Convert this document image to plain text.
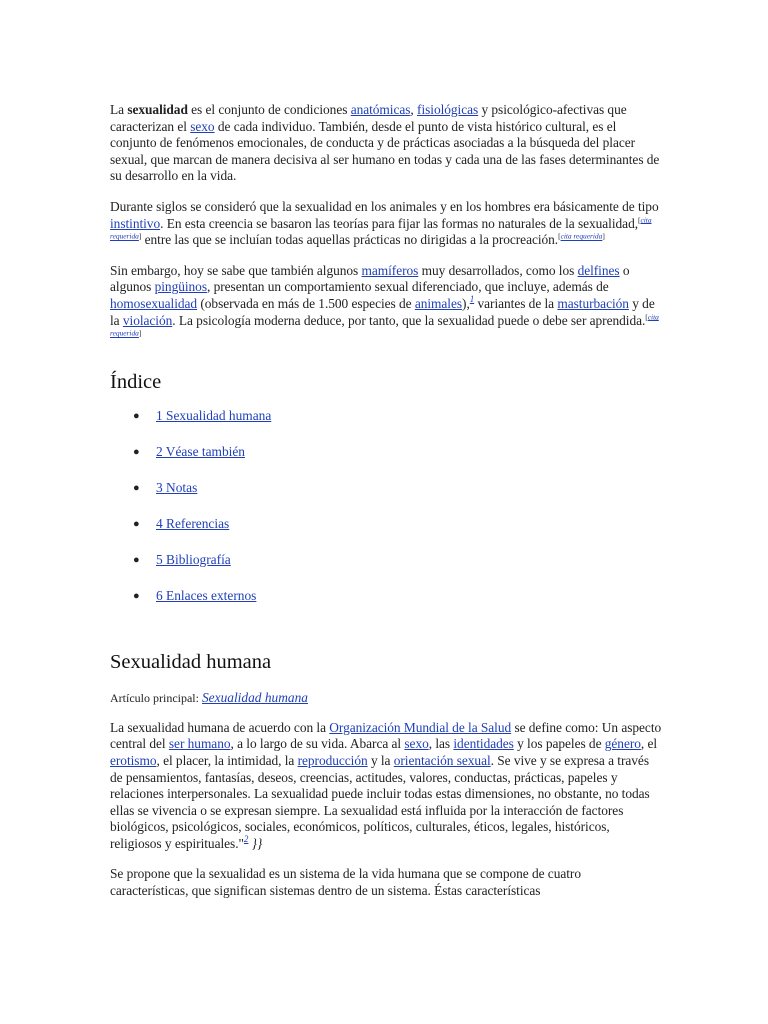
La sexualidad es el conjunto de condiciones anatómicas, fisiológicas y psicológico-afectivas que caracterizan el sexo de cada individuo. También, desde el punto de vista histórico cultural, es el conjunto de fenómenos emocionales, de conducta y de prácticas asociadas a la búsqueda del placer sexual, que marcan de manera decisiva al ser humano en todas y cada una de las fases determinantes de su desarrollo en la vida.

Durante siglos se consideró que la sexualidad en los animales y en los hombres era básicamente de tipo instintivo. En esta creencia se basaron las teorías para fijar las formas no naturales de la sexualidad,[cita requerida] entre las que se incluían todas aquellas prácticas no dirigidas a la procreación.[cita requerida]

Sin embargo, hoy se sabe que también algunos mamíferos muy desarrollados, como los delfines o algunos pingüinos, presentan un comportamiento sexual diferenciado, que incluye, además de homosexualidad (observada en más de 1.500 especies de animales),$^1$ variantes de la masturbación y de la violación. La psicología moderna deduce, por tanto, que la sexualidad puede o debe ser aprendida.[cita requerida]

Índice
● 1 Sexualidad humana
● 2 Véase también
● 3 Notas
● 4 Referencias
● 5 Bibliografía
● 6 Enlaces externos
Sexualidad humana
Artículo principal: Sexualidad humana

La sexualidad humana de acuerdo con la Organización Mundial de la Salud se define como: Un aspecto central del ser humano, a lo largo de su vida. Abarca al sexo, las identidades y los papeles de género, el erotismo, el placer, la intimidad, la reproducción y la orientación sexual. Se vive y se expresa a través de pensamientos, fantasías, deseos, creencias, actitudes, valores, conductas, prácticas, papeles y relaciones interpersonales. La sexualidad puede incluir todas estas dimensiones, no obstante, no todas ellas se vivencia o se expresan siempre. La sexualidad está influida por la interacción de factores biológicos, psicológicos, sociales, económicos, políticos, culturales, éticos, legales, históricos, religiosos y espirituales."$^2$ }}

Se propone que la sexualidad es un sistema de la vida humana que se compone de cuatro características, que significan sistemas dentro de un sistema. Éstas características
